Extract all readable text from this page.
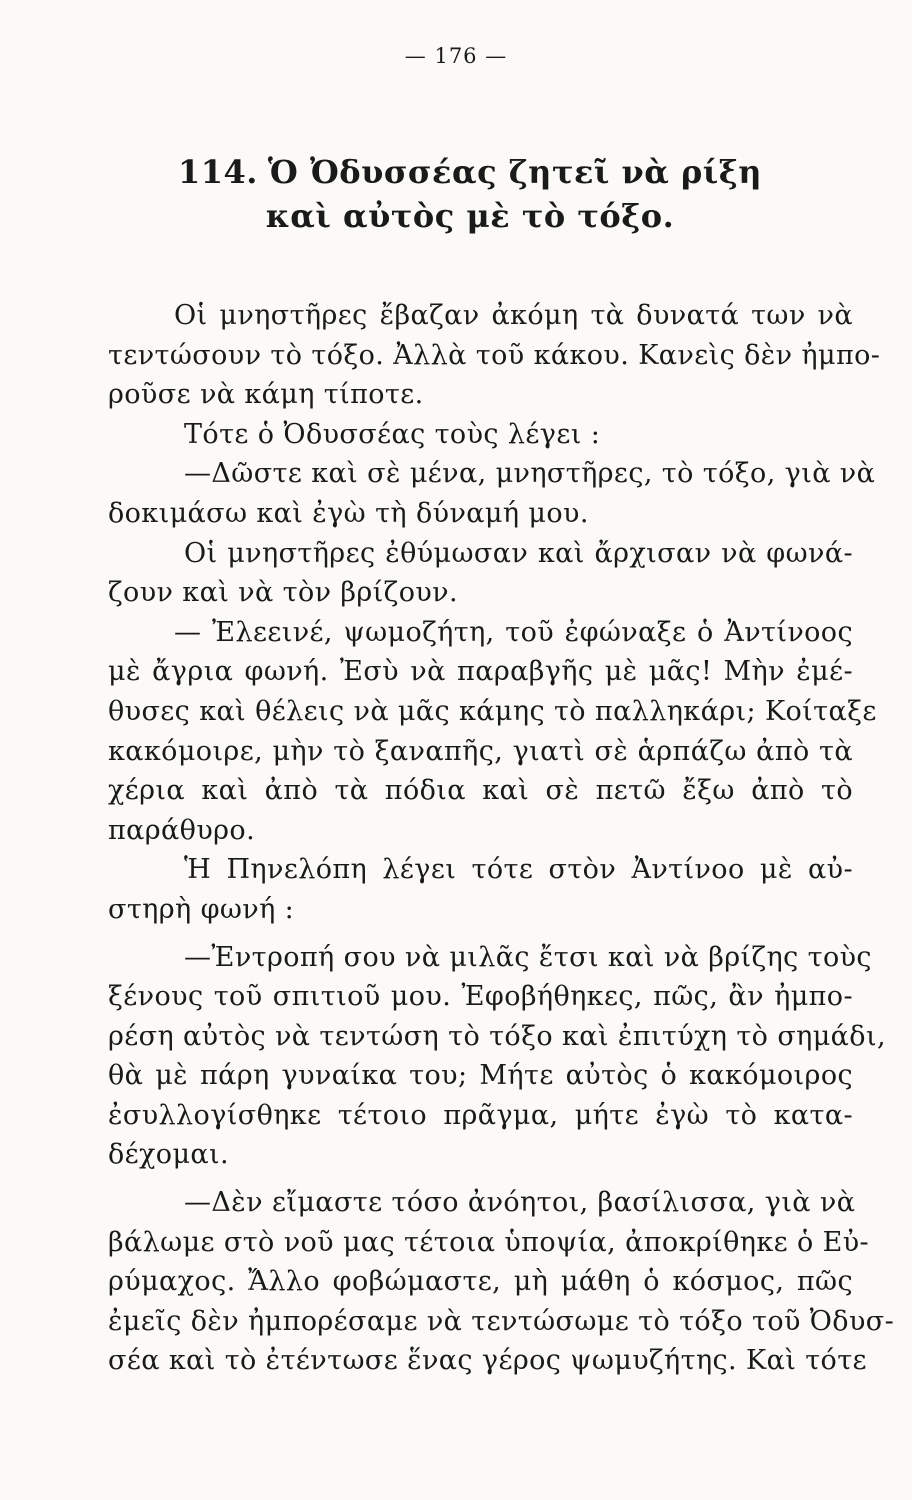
— 176 —
114. Ὁ Ὀδυσσέας ζητεῖ νὰ ρίξη
καὶ αὐτὸς μὲ τὸ τόξο.
Οἱ μνηστῆρες ἔβαζαν ἀκόμη τὰ δυνατά των νὰ
τεντώσουν τὸ τόξο. Ἀλλὰ τοῦ κάκου. Κανεὶς δὲν ἠμπο-
ροῦσε νὰ κάμη τίποτε.
Τότε ὁ Ὀδυσσέας τοὺς λέγει :
—Δῶστε καὶ σὲ μένα, μνηστῆρες, τὸ τόξο, γιὰ νὰ
δοκιμάσω καὶ ἐγὼ τὴ δύναμή μου.
Οἱ μνηστῆρες ἐθύμωσαν καὶ ἄρχισαν νὰ φωνά-
ζουν καὶ νὰ τὸν βρίζουν.
— Ἐλεεινέ, ψωμοζήτη, τοῦ ἐφώναξε ὁ Ἀντίνοος
μὲ ἄγρια φωνή. Ἐσὺ νὰ παραβγῆς μὲ μᾶς! Μὴν ἐμέ-
θυσες καὶ θέλεις νὰ μᾶς κάμης τὸ παλληκάρι; Κοίταξε
κακόμοιρε, μὴν τὸ ξαναπῆς, γιατὶ σὲ ἁρπάζω ἀπὸ τὰ
χέρια καὶ ἀπὸ τὰ πόδια καὶ σὲ πετῶ ἔξω ἀπὸ τὸ
παράθυρο.
Ἡ Πηνελόπη λέγει τότε στὸν Ἀντίνοο μὲ αὐ-
στηρὴ φωνή :
—Ἐντροπή σου νὰ μιλᾶς ἔτσι καὶ νὰ βρίζης τοὺς
ξένους τοῦ σπιτιοῦ μου. Ἐφοβήθηκες, πῶς, ἂν ἠμπο-
ρέση αὐτὸς νὰ τεντώση τὸ τόξο καὶ ἐπιτύχη τὸ σημάδι,
θὰ μὲ πάρη γυναίκα του; Μήτε αὐτὸς ὁ κακόμοιρος
ἐσυλλογίσθηκε τέτοιο πρᾶγμα, μήτε ἐγὼ τὸ κατα-
δέχομαι.
—Δὲν εἴμαστε τόσο ἀνόητοι, βασίλισσα, γιὰ νὰ
βάλωμε στὸ νοῦ μας τέτοια ὑποψία, ἀποκρίθηκε ὁ Εὐ-
ρύμαχος. Ἄλλο φοβώμαστε, μὴ μάθη ὁ κόσμος, πῶς
ἐμεῖς δὲν ἠμπορέσαμε νὰ τεντώσωμε τὸ τόξο τοῦ Ὀδυσ-
σέα καὶ τὸ ἐτέντωσε ἕνας γέρος ψωμυζήτης. Καὶ τότε
